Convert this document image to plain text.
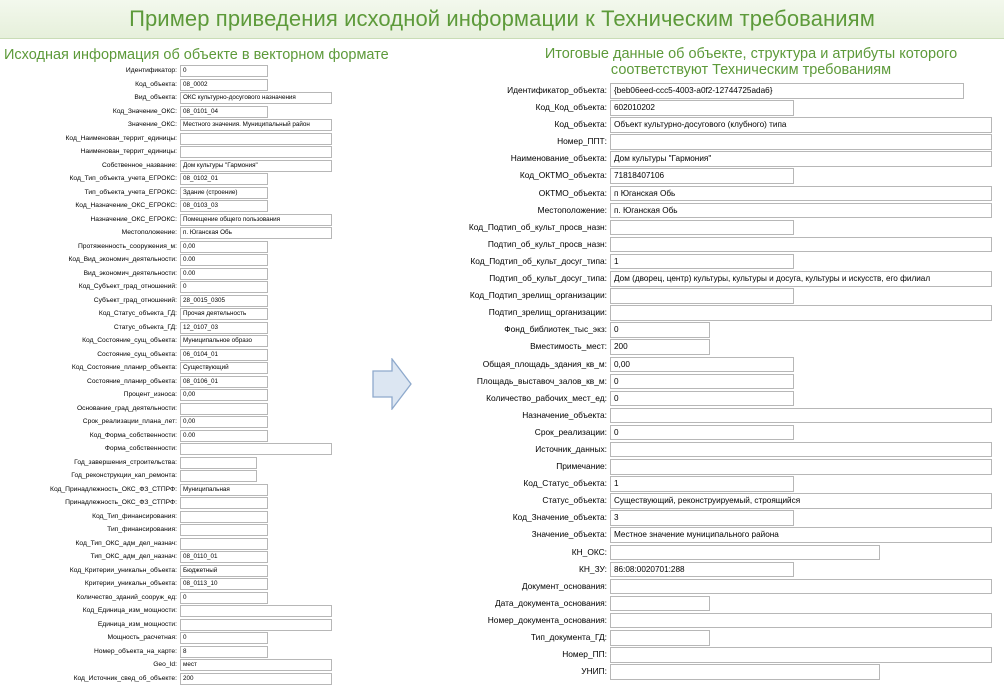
Пример приведения исходной информации к Техническим требованиям
Исходная информация об объекте в векторном формате	Итоговые данные об объекте, структура и атрибуты которого соответствуют Техническим требованиям
Идентификатор: 0
Код_объекта: 08_0002
Вид_объекта: ОКС культурно-досугового назначения
Код_Значение_ОКС: 08_0101_04
Значение_ОКС: Местного значения. Муниципальный район
Код_Наименован_террит_единицы:
Наименован_террит_единицы:
Собственное_название: Дом культуры "Гармония"
Код_Тип_объекта_учета_ЕГРОКС: 08_0102_01
Тип_объекта_учета_ЕГРОКС: Здание (строение)
Код_Назначение_ОКС_ЕГРОКС: 08_0103_03
Назначение_ОКС_ЕГРОКС: Помещение общего пользования
Местоположение: п. Юганская Обь
Протяженность_сооружения_м: 0,00
Код_Вид_экономич_деятельности: 0.00
Вид_экономич_деятельности: 0.00
Код_Субъект_град_отношений: 0
Субъект_град_отношений: 28_0015_0305
Код_Статус_объекта_ГД: Прочая деятельность
Статус_объекта_ГД: 12_0107_03
Код_Состояние_сущ_объекта: Муниципальное образо
Состояние_сущ_объекта: 06_0104_01
Код_Состояние_планир_объекта: Существующий
Состояние_планир_объекта: 08_0106_01
Процент_износа: 0,00
Основание_град_деятельности:
Срок_реализации_плана_лет: 0,00
Код_Форма_собственности: 0.00
Форма_собственности:
Год_завершения_строительства:
Год_реконструкции_кап_ремонта:
Код_Принадлежность_ОКС_ФЗ_СТПРФ: Муниципальная
Принадлежность_ОКС_ФЗ_СТПРФ:
Код_Тип_финансирования:
Тип_финансирования:
Код_Тип_ОКС_адм_дел_назнач:
Тип_ОКС_адм_дел_назнач: 08_0110_01
Код_Критерии_уникальн_объекта: Бюджетный
Критерии_уникальн_объекта: 08_0113_10
Количество_зданий_сооруж_ед: 0
Код_Единица_изм_мощности:
Единица_изм_мощности:
Мощность_расчетная: 0
Номер_объекта_на_карте: 8
Geo_Id: мест
Код_Источник_свед_об_объекте: 200
Идентификатор_объекта: {beb06eed-ccc5-4003-a0f2-12744725ada6}
Код_Код_объекта: 602010202
Код_объекта: Объект культурно-досугового (клубного) типа
Номер_ППТ:
Наименование_объекта: Дом культуры "Гармония"
Код_ОКТМО_объекта: 71818407106
ОКТМО_объекта: п Юганская Обь
Местоположение: п. Юганская Обь
Код_Подтип_об_культ_просв_назн:
Подтип_об_культ_просв_назн:
Код_Подтип_об_культ_досуг_типа: 1
Подтип_об_культ_досуг_типа: Дом (дворец, центр) культуры, культуры и досуга, культуры и искусств, его филиал
Код_Подтип_зрелищ_организации:
Подтип_зрелищ_организации:
Фонд_библиотек_тыс_экз: 0
Вместимость_мест: 200
Общая_площадь_здания_кв_м: 0,00
Площадь_выставоч_залов_кв_м: 0
Количество_рабочих_мест_ед: 0
Назначение_объекта:
Срок_реализации: 0
Источник_данных:
Примечание:
Код_Статус_объекта: 1
Статус_объекта: Существующий, реконструируемый, строящийся
Код_Значение_объекта: 3
Значение_объекта: Местное значение муниципального района
КН_ОКС:
КН_ЗУ: 86:08:0020701:288
Документ_основания:
Дата_документа_основания:
Номер_документа_основания:
Тип_документа_ГД:
Номер_ПП:
УНИП:
